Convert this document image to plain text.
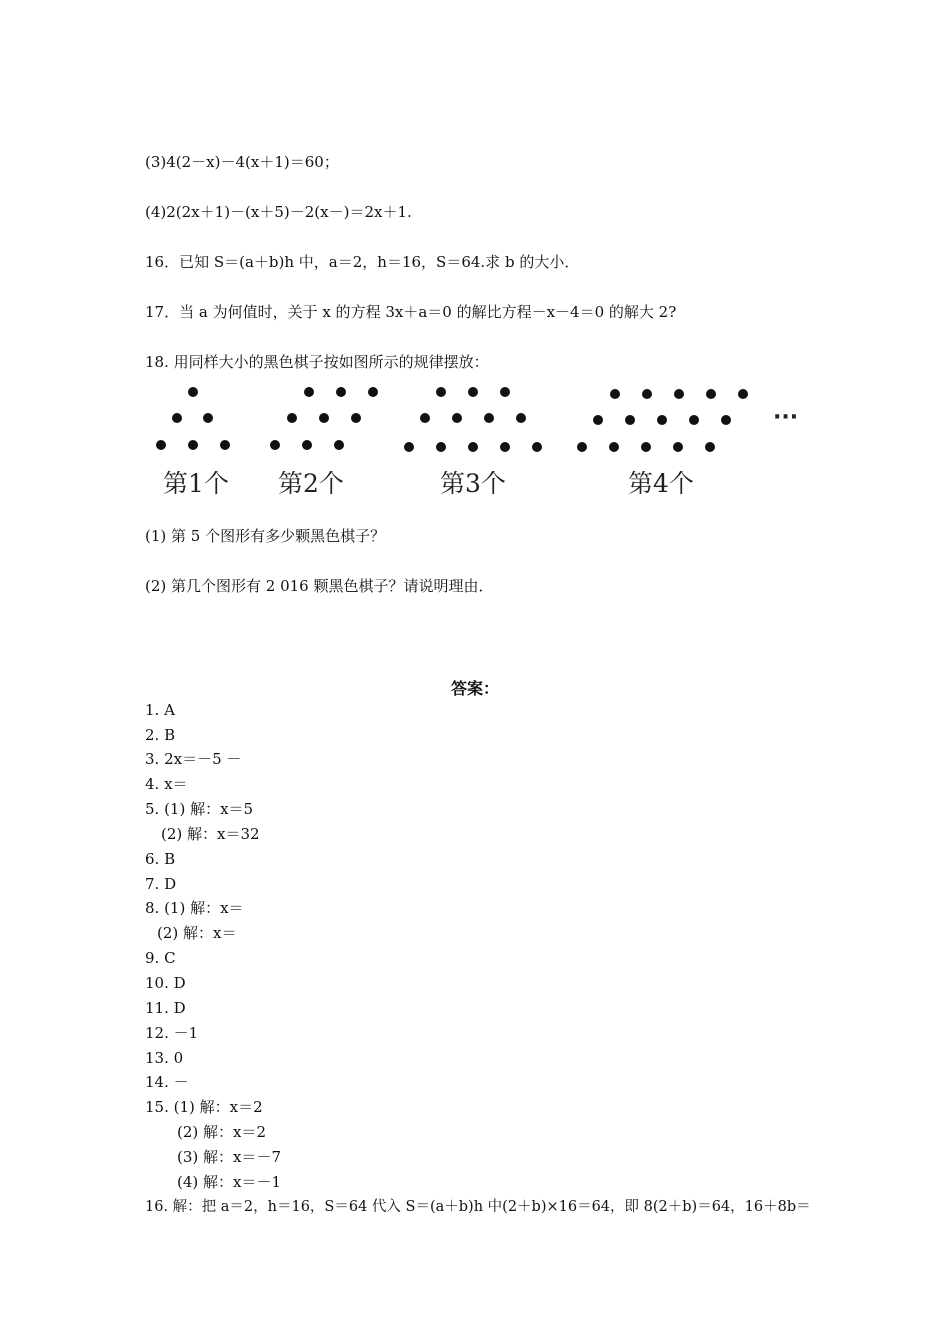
(3)4(2－x)－4(x＋1)＝60；
(4)2(2x＋1)－(x＋5)－2(x－)＝2x＋1.
16．已知 S＝(a＋b)h 中，a＝2，h＝16，S＝64.求 b 的大小．
17．当 a 为何值时，关于 x 的方程 3x＋a＝0 的解比方程－x－4＝0 的解大 2?
18. 用同样大小的黑色棋子按如图所示的规律摆放：
第1个 第2个	第3个	第4个
···
(1) 第 5 个图形有多少颗黑色棋子？
(2) 第几个图形有 2 016 颗黑色棋子？请说明理由．
答案：
1. A
2. B
3. 2x＝－5 －
4. x＝
5. (1) 解：x＝5
(2) 解：x＝32
6. B
7. D
8. (1) 解：x＝
(2) 解：x＝
9. C
10. D
11. D
12. －1
13. 0
14. －
15. (1) 解：x＝2
(2) 解：x＝2
(3) 解：x＝－7
(4) 解：x＝－1
16. 解：把 a＝2，h＝16，S＝64 代入 S＝(a＋b)h 中(2＋b)×16＝64，即 8(2＋b)＝64，16＋8b＝
